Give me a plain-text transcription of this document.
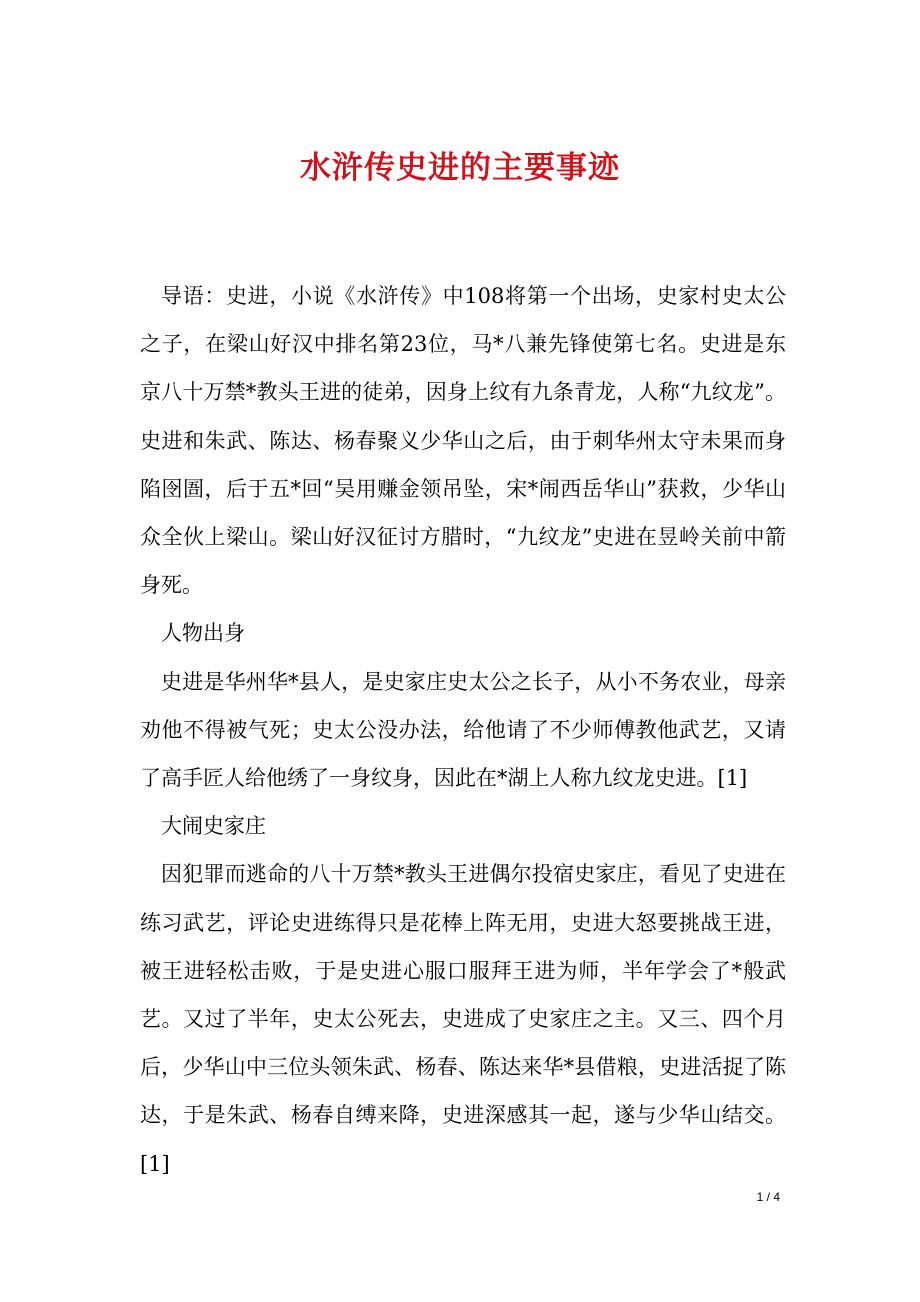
水浒传史进的主要事迹

导语：史进，小说《水浒传》中108将第一个出场，史家村史太公之子，在梁山好汉中排名第23位，马*八兼先锋使第七名。史进是东京八十万禁*教头王进的徒弟，因身上纹有九条青龙，人称“九纹龙”。史进和朱武、陈达、杨春聚义少华山之后，由于刺华州太守未果而身陷囹圄，后于五*回“吴用赚金领吊坠，宋*闹西岳华山”获救，少华山众全伙上梁山。梁山好汉征讨方腊时，“九纹龙”史进在昱岭关前中箭身死。

人物出身

史进是华州华*县人，是史家庄史太公之长子，从小不务农业，母亲劝他不得被气死；史太公没办法，给他请了不少师傅教他武艺，又请了高手匠人给他绣了一身纹身，因此在*湖上人称九纹龙史进。[1]

大闹史家庄

因犯罪而逃命的八十万禁*教头王进偶尔投宿史家庄，看见了史进在练习武艺，评论史进练得只是花棒上阵无用，史进大怒要挑战王进，被王进轻松击败，于是史进心服口服拜王进为师，半年学会了*般武艺。又过了半年，史太公死去，史进成了史家庄之主。又三、四个月后，少华山中三位头领朱武、杨春、陈达来华*县借粮，史进活捉了陈达，于是朱武、杨春自缚来降，史进深感其一起，遂与少华山结交。[1]

1 / 4
